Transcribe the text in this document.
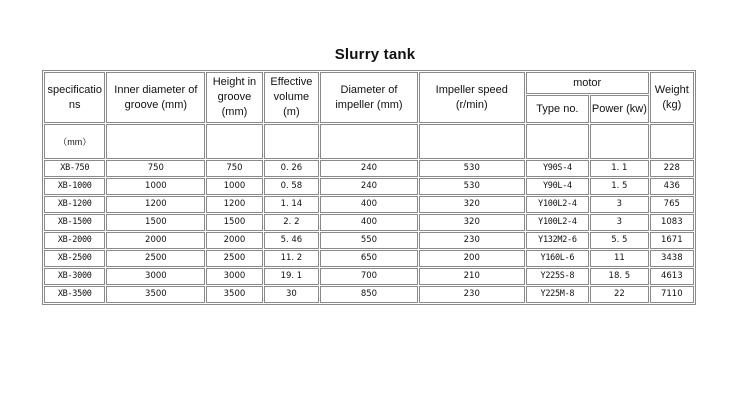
Slurry tank
specificatio ns	Inner diameter of groove (mm)	Height in groove (mm)	Effective volume (m)	Diameter of impeller (mm)	Impeller speed (r/min)	motor		Weight (kg)
						Type no.	Power (kw)	
（mm）								
XB-750	750	750	0. 26	240	530	Y90S-4	1. 1	228
XB-1000	1000	1000	0. 58	240	530	Y90L-4	1. 5	436
XB-1200	1200	1200	1. 14	400	320	Y100L2-4	3	765
XB-1500	1500	1500	2. 2	400	320	Y100L2-4	3	1083
XB-2000	2000	2000	5. 46	550	230	Y132M2-6	5. 5	1671
XB-2500	2500	2500	11. 2	650	200	Y160L-6	11	3438
XB-3000	3000	3000	19. 1	700	210	Y225S-8	18. 5	4613
XB-3500	3500	3500	30	850	230	Y225M-8	22	7110
